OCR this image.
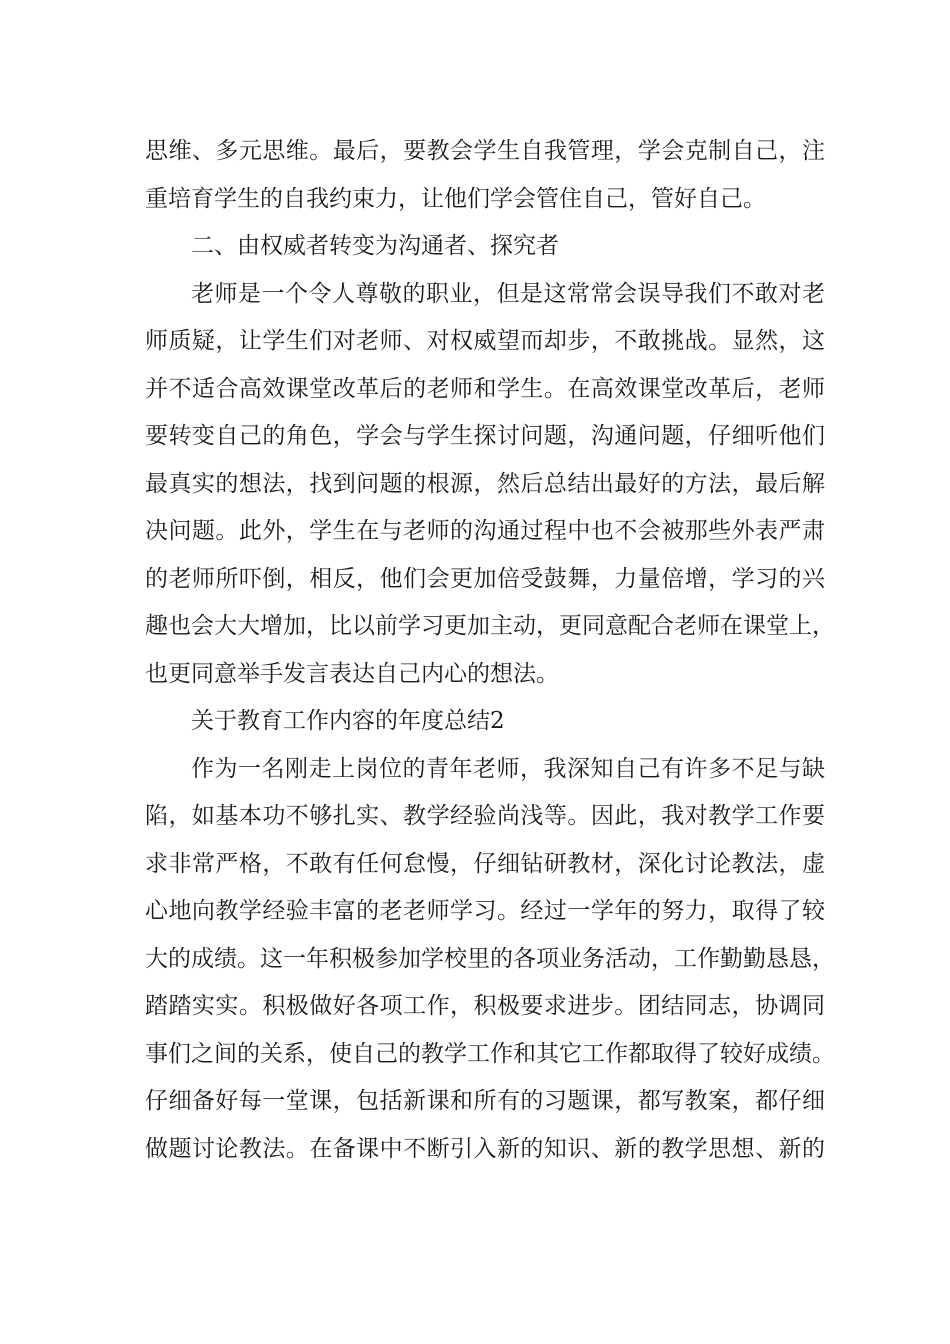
思维、多元思维。最后，要教会学生自我管理，学会克制自己，注
重培育学生的自我约束力，让他们学会管住自己，管好自己。
二、由权威者转变为沟通者、探究者
老师是一个令人尊敬的职业，但是这常常会误导我们不敢对老
师质疑，让学生们对老师、对权威望而却步，不敢挑战。显然，这
并不适合高效课堂改革后的老师和学生。在高效课堂改革后，老师
要转变自己的角色，学会与学生探讨问题，沟通问题，仔细听他们
最真实的想法，找到问题的根源，然后总结出最好的方法，最后解
决问题。此外，学生在与老师的沟通过程中也不会被那些外表严肃
的老师所吓倒，相反，他们会更加倍受鼓舞，力量倍增，学习的兴
趣也会大大增加，比以前学习更加主动，更同意配合老师在课堂上，
也更同意举手发言表达自己内心的想法。
关于教育工作内容的年度总结2
作为一名刚走上岗位的青年老师，我深知自己有许多不足与缺
陷，如基本功不够扎实、教学经验尚浅等。因此，我对教学工作要
求非常严格，不敢有任何怠慢，仔细钻研教材，深化讨论教法，虚
心地向教学经验丰富的老老师学习。经过一学年的努力，取得了较
大的成绩。这一年积极参加学校里的各项业务活动，工作勤勤恳恳，
踏踏实实。积极做好各项工作，积极要求进步。团结同志，协调同
事们之间的关系，使自己的教学工作和其它工作都取得了较好成绩。
仔细备好每一堂课，包括新课和所有的习题课，都写教案，都仔细
做题讨论教法。在备课中不断引入新的知识、新的教学思想、新的
